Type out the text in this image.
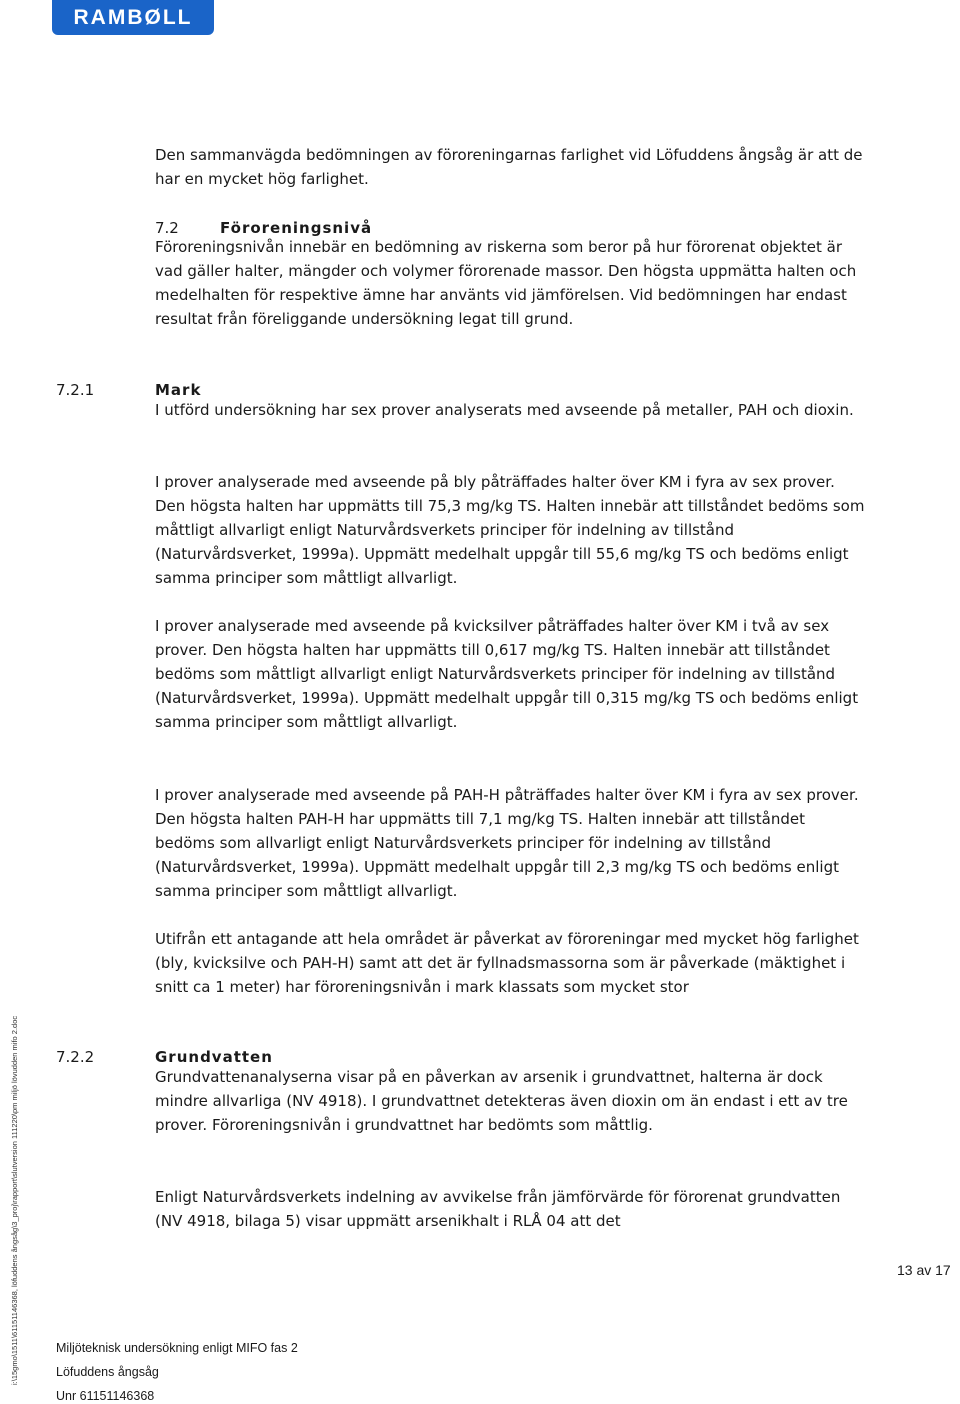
RAMBØLL

Den sammanvägda bedömningen av föroreningarnas farlighet vid Löfuddens ångsåg är att de har en mycket hög farlighet.

7.2	Föroreningsnivå

Föroreningsnivån innebär en bedömning av riskerna som beror på hur förorenat objektet är vad gäller halter, mängder och volymer förorenade massor. Den högsta uppmätta halten och medelhalten för respektive ämne har använts vid jämförelsen. Vid bedömningen har endast resultat från föreliggande undersökning legat till grund.

7.2.1	Mark

I utförd undersökning har sex prover analyserats med avseende på metaller, PAH och dioxin.

I prover analyserade med avseende på bly påträffades halter över KM i fyra av sex prover. Den högsta halten har uppmätts till 75,3 mg/kg TS. Halten innebär att tillståndet bedöms som måttligt allvarligt enligt Naturvårdsverkets principer för indelning av tillstånd (Naturvårdsverket, 1999a). Uppmätt medelhalt uppgår till 55,6 mg/kg TS och bedöms enligt samma principer som måttligt allvarligt.

I prover analyserade med avseende på kvicksilver påträffades halter över KM i två av sex prover. Den högsta halten har uppmätts till 0,617 mg/kg TS. Halten innebär att tillståndet bedöms som måttligt allvarligt enligt Naturvårdsverkets principer för indelning av tillstånd (Naturvårdsverket, 1999a). Uppmätt medelhalt uppgår till 0,315 mg/kg TS och bedöms enligt samma principer som måttligt allvarligt.

I prover analyserade med avseende på PAH-H påträffades halter över KM i fyra av sex prover. Den högsta halten PAH-H har uppmätts till 7,1 mg/kg TS. Halten innebär att tillståndet bedöms som allvarligt enligt Naturvårdsverkets principer för indelning av tillstånd (Naturvårdsverket, 1999a). Uppmätt medelhalt uppgår till 2,3 mg/kg TS och bedöms enligt samma principer som måttligt allvarligt.

Utifrån ett antagande att hela området är påverkat av föroreningar med mycket hög farlighet (bly, kvicksilve och PAH-H) samt att det är fyllnadsmassorna som är påverkade (mäktighet i snitt ca 1 meter) har föroreningsnivån i mark klassats som mycket stor

7.2.2	Grundvatten

Grundvattenanalyserna visar på en påverkan av arsenik i grundvattnet, halterna är dock mindre allvarliga (NV 4918). I grundvattnet detekteras även dioxin om än endast i ett av tre prover. Föroreningsnivån i grundvattnet har bedömts som måttlig.

Enligt Naturvårdsverkets indelning av avvikelse från jämförvärde för förorenat grundvatten (NV 4918, bilaga 5) visar uppmätt arsenikhalt i RLÅ 04 att det

13 av 17
Miljöteknisk undersökning enligt MIFO fas 2
Löfuddens ångsåg
Unr 61151146368
i:\15gmo\1511\61151146368, löfuddens ångsåg\3_proj\rapport\slutversion 111220\pm miljö lövudden mifo 2.doc
